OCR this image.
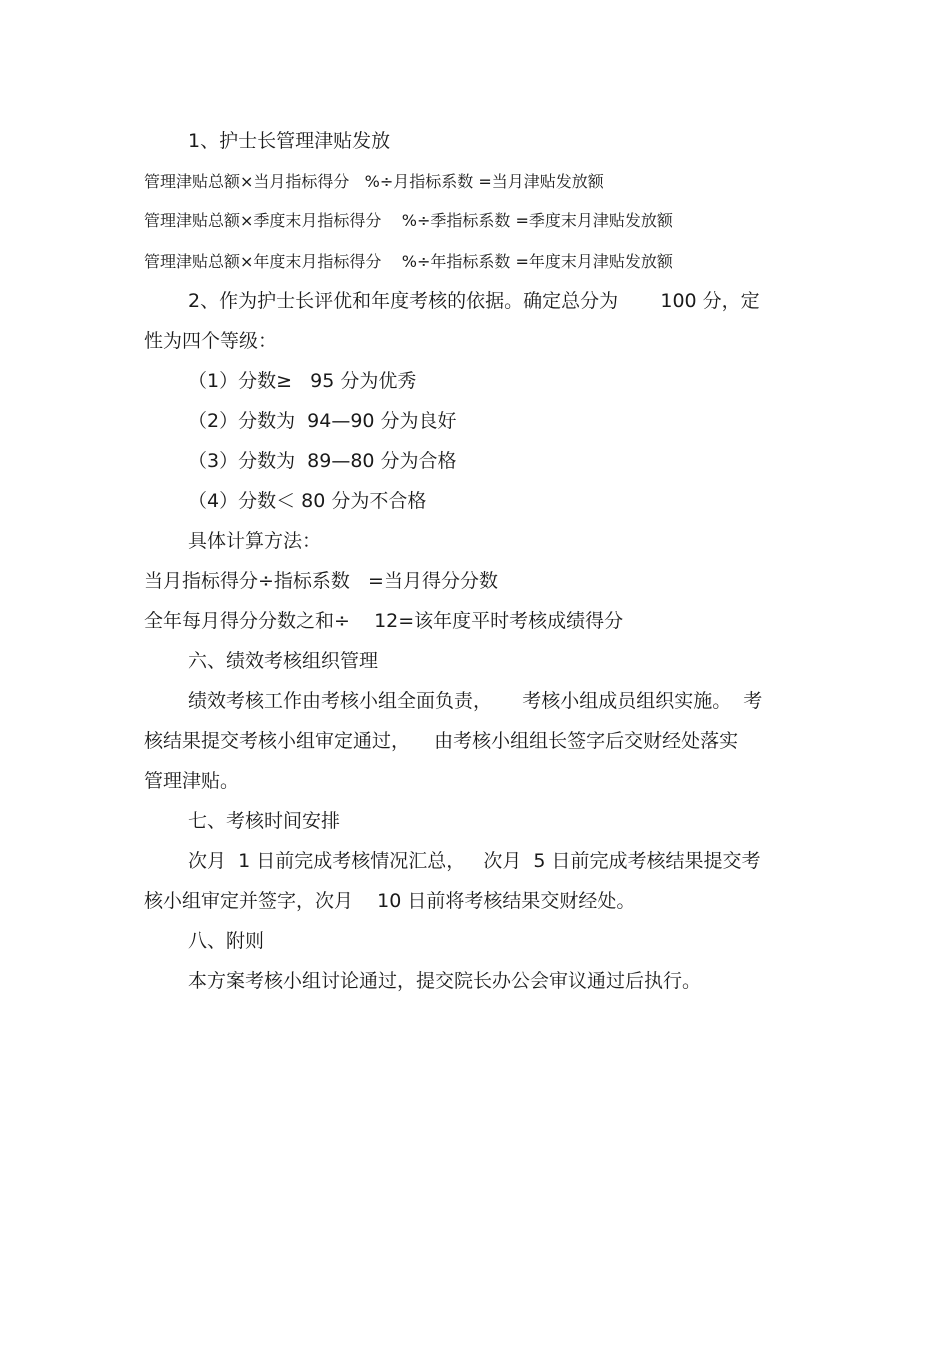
1、护士长管理津贴发放
管理津贴总额×当月指标得分   %÷月指标系数 =当月津贴发放额
管理津贴总额×季度末月指标得分    %÷季指标系数 =季度末月津贴发放额
管理津贴总额×年度末月指标得分    %÷年指标系数 =年度末月津贴发放额
2、作为护士长评优和年度考核的依据。确定总分为       100 分，定
性为四个等级：
（1）分数≥   95 分为优秀
（2）分数为  94—90 分为良好
（3）分数为  89—80 分为合格
（4）分数＜ 80 分为不合格
具体计算方法：
当月指标得分÷指标系数   =当月得分分数
全年每月得分分数之和÷    12=该年度平时考核成绩得分
六、绩效考核组织管理
绩效考核工作由考核小组全面负责，     考核小组成员组织实施。  考
核结果提交考核小组审定通过，    由考核小组组长签字后交财经处落实
管理津贴。
七、考核时间安排
次月  1 日前完成考核情况汇总，   次月  5 日前完成考核结果提交考
核小组审定并签字，次月    10 日前将考核结果交财经处。
八、附则
本方案考核小组讨论通过，提交院长办公会审议通过后执行。
